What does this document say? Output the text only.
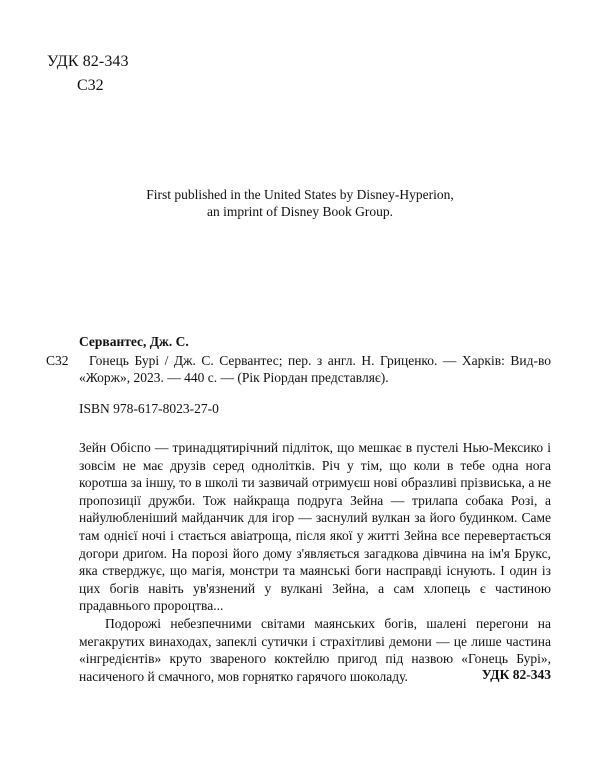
УДК 82-343
С32
First published in the United States by Disney-Hyperion,
an imprint of Disney Book Group.
Сервантес, Дж. С.
С32	Гонець Бурі / Дж. С. Сервантес; пер. з англ. Н. Гриценко. — Харків: Вид-во «Жорж», 2023. — 440 с. — (Рік Ріордан представляє).
ISBN 978-617-8023-27-0

Зейн Обіспо — тринадцятирічний підліток, що мешкає в пустелі Нью-Мексико і зовсім не має друзів серед однолітків. Річ у тім, що коли в тебе одна нога коротша за іншу, то в школі ти зазвичай отримуєш нові образливі прізвиська, а не пропозиції дружби. Тож найкраща подруга Зейна — трилапа собака Розі, а найулюбленіший майданчик для ігор — заснулий вулкан за його будинком. Саме там однієї ночі і стається авіатроща, після якої у житті Зейна все перевертається догори дриґом. На порозі його дому з'являється загадкова дівчина на ім'я Брукс, яка стверджує, що магія, монстри та маянські боги насправді існують. І один із цих богів навіть ув'язнений у вулкані Зейна, а сам хлопець є частиною прадавнього пророцтва...

Подорожі небезпечними світами маянських богів, шалені перегони на мегакрутих винаходах, запеклі сутички і страхітливі демони — це лише частина «інгредієнтів» круто звареного коктейлю пригод під назвою «Гонець Бурі», насиченого й смачного, мов горнятко гарячого шоколаду.	УДК 82-343
